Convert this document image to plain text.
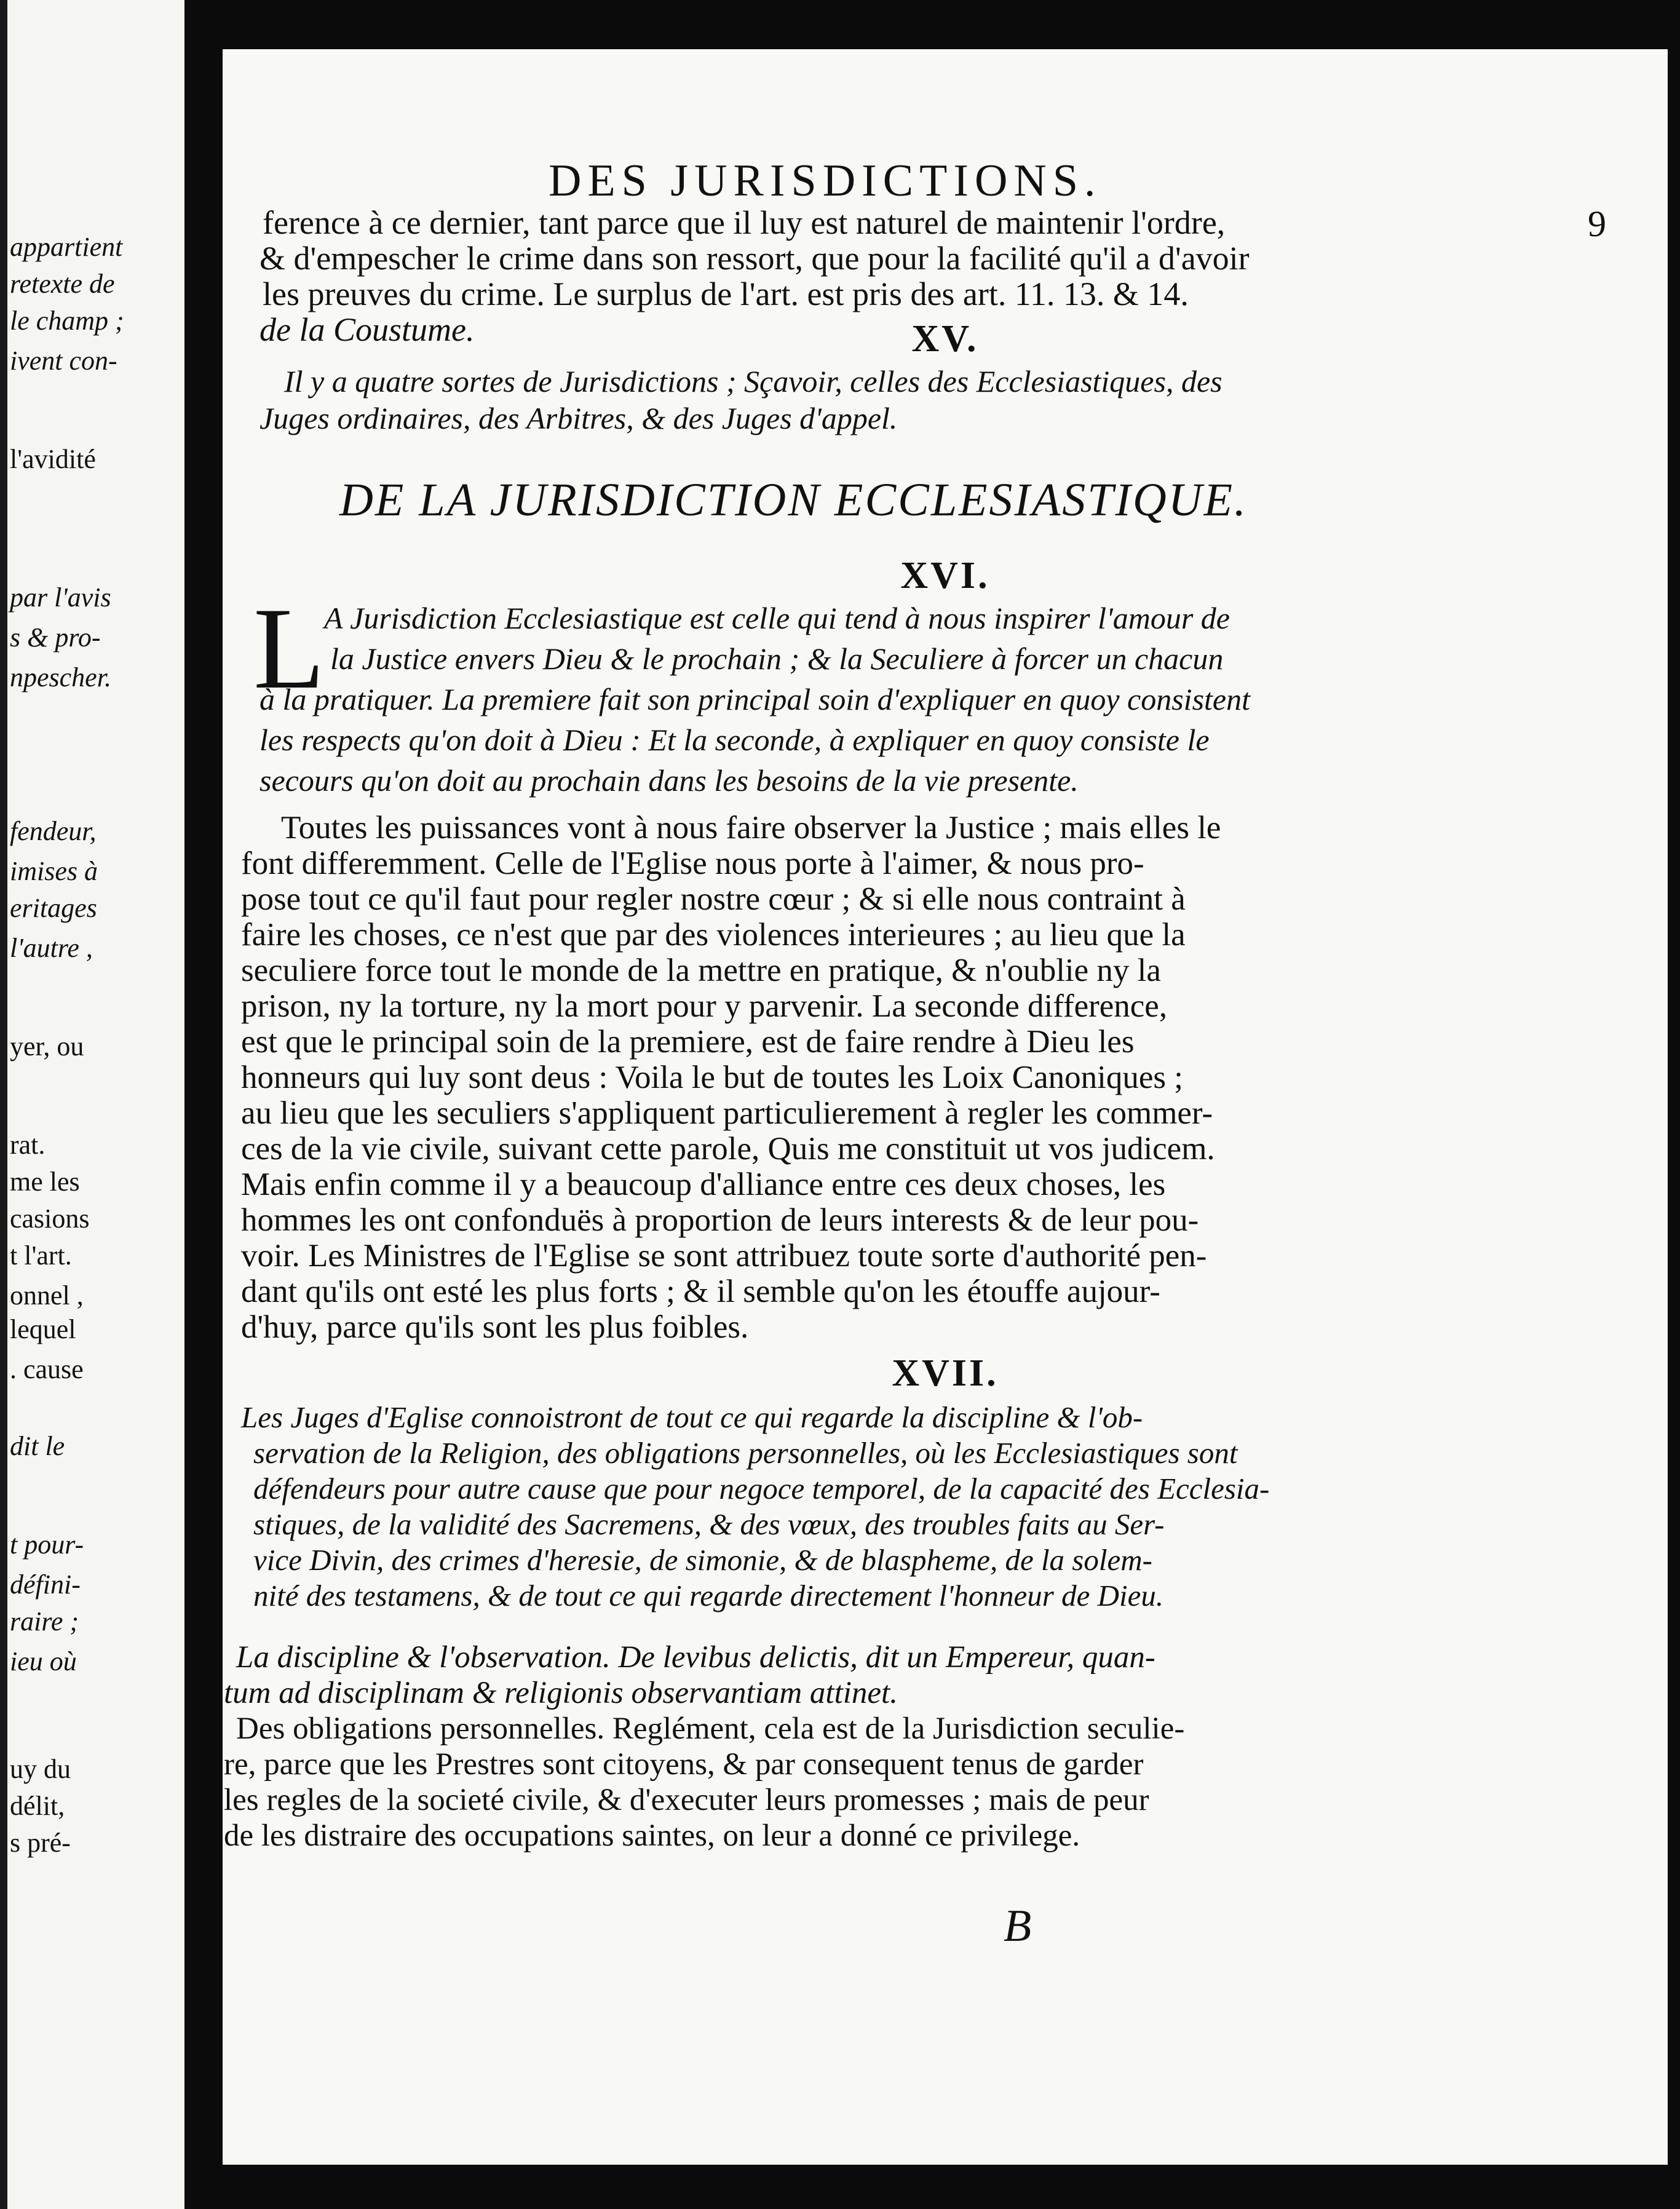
appartient
retexte de
le champ ;
ivent con-
l'avidité
par l'avis
s & pro-
npescher.
fendeur,
imises à
eritages
l'autre ,
yer, ou
rat.
me les
casions
t l'art.
onnel ,
lequel
. cause
dit le
t pour-
défini-
raire ;
ieu où
uy du
délit,
s pré-
DES JURISDICTIONS.
9
ference à ce dernier, tant parce que il luy est naturel de maintenir l'ordre,
& d'empescher le crime dans son ressort, que pour la facilité qu'il a d'avoir
les preuves du crime. Le surplus de l'art. est pris des art. 11. 13. & 14.
de la Coustume.	XV.
Il y a quatre sortes de Jurisdictions ; Sçavoir, celles des Ecclesiastiques, des
Juges ordinaires, des Arbitres, & des Juges d'appel.
DE LA JURISDICTION ECCLESIASTIQUE.
XVI.
L
A Jurisdiction Ecclesiastique est celle qui tend à nous inspirer l'amour de
la Justice envers Dieu & le prochain ; & la Seculiere à forcer un chacun
à la pratiquer. La premiere fait son principal soin d'expliquer en quoy consistent
les respects qu'on doit à Dieu : Et la seconde, à expliquer en quoy consiste le
secours qu'on doit au prochain dans les besoins de la vie presente.
Toutes les puissances vont à nous faire observer la Justice ; mais elles le
font differemment. Celle de l'Eglise nous porte à l'aimer, & nous pro-
pose tout ce qu'il faut pour regler nostre cœur ; & si elle nous contraint à
faire les choses, ce n'est que par des violences interieures ; au lieu que la
seculiere force tout le monde de la mettre en pratique, & n'oublie ny la
prison, ny la torture, ny la mort pour y parvenir. La seconde difference,
est que le principal soin de la premiere, est de faire rendre à Dieu les
honneurs qui luy sont deus : Voila le but de toutes les Loix Canoniques ;
au lieu que les seculiers s'appliquent particulierement à regler les commer-
ces de la vie civile, suivant cette parole, Quis me constituit ut vos judicem.
Mais enfin comme il y a beaucoup d'alliance entre ces deux choses, les
hommes les ont confonduës à proportion de leurs interests & de leur pou-
voir. Les Ministres de l'Eglise se sont attribuez toute sorte d'authorité pen-
dant qu'ils ont esté les plus forts ; & il semble qu'on les étouffe aujour-
d'huy, parce qu'ils sont les plus foibles.
XVII.
Les Juges d'Eglise connoistront de tout ce qui regarde la discipline & l'ob-
servation de la Religion, des obligations personnelles, où les Ecclesiastiques sont
défendeurs pour autre cause que pour negoce temporel, de la capacité des Ecclesia-
stiques, de la validité des Sacremens, & des vœux, des troubles faits au Ser-
vice Divin, des crimes d'heresie, de simonie, & de blaspheme, de la solem-
nité des testamens, & de tout ce qui regarde directement l'honneur de Dieu.
La discipline & l'observation. De levibus delictis, dit un Empereur, quan-
tum ad disciplinam & religionis observantiam attinet.
Des obligations personnelles. Reglément, cela est de la Jurisdiction seculie-
re, parce que les Prestres sont citoyens, & par consequent tenus de garder
les regles de la societé civile, & d'executer leurs promesses ; mais de peur
de les distraire des occupations saintes, on leur a donné ce privilege.
B
